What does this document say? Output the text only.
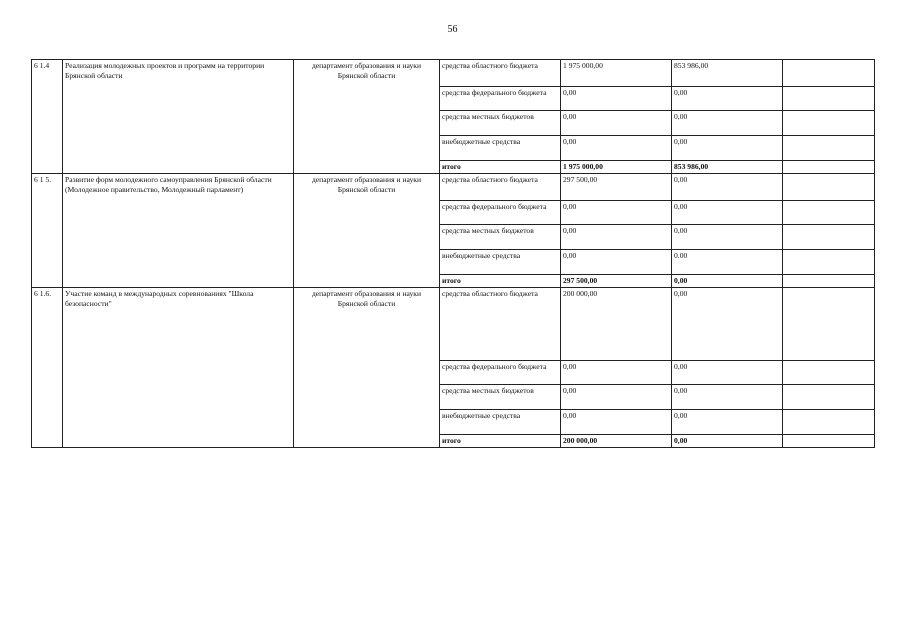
56
6 1.4	Реализация молодежных проектов и программ на территории Брянской области	департамент образования и науки Брянской области	средства областного бюджета	1 975 000,00	853 986,00	
			средства федерального бюджета	0,00	0,00	
			средства местных бюджетов	0,00	0,00	
			внебюджетные средства	0,00	0,00	
			итого	1 975 000,00	853 986,00	
6 1 5.	Развитие форм молодежного самоуправления Брянской области (Молодежное правительство, Молодежный парламент)	департамент образования и науки Брянской области	средства областного бюджета	297 500,00	0,00	
			средства федерального бюджета	0,00	0,00	
			средства местных бюджетов	0,00	0,00	
			внебюджетные средства	0,00	0.00	
			итого	297 500,00	0,00	
6 1.6.	Участие команд в международных соревнованиях "Школа безопасности"	департамент образования и науки Брянской области	средства областного бюджета	200 000,00	0,00	
			средства федерального бюджета	0,00	0,00	
			средства местных бюджетов	0,00	0,00	
			внебюджетные средства	0,00	0,00	
			итого	200 000,00	0,00	
